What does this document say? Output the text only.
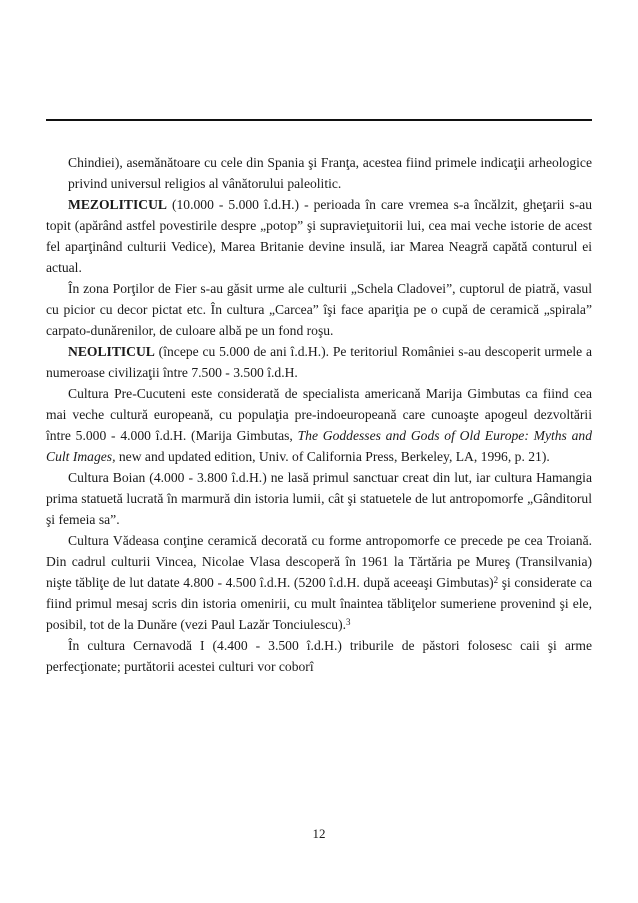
Chindiei), asemănătoare cu cele din Spania şi Franţa, acestea fiind primele indicaţii arheologice privind universul religios al vânătorului paleolitic.

MEZOLITICUL (10.000 - 5.000 î.d.H.) - perioada în care vremea s-a încălzit, gheţarii s-au topit (apărând astfel povestirile despre „potop” şi supravieţuitorii lui, cea mai veche istorie de acest fel aparţinând culturii Vedice), Marea Britanie devine insulă, iar Marea Neagră capătă conturul ei actual.

În zona Porţilor de Fier s-au găsit urme ale culturii „Schela Cladovei”, cuptorul de piatră, vasul cu picior cu decor pictat etc. În cultura „Carcea” îşi face apariţia pe o cupă de ceramică „spirala” carpato-dunărenilor, de culoare albă pe un fond roşu.

NEOLITICUL (începe cu 5.000 de ani î.d.H.). Pe teritoriul României s-au descoperit urmele a numeroase civilizaţii între 7.500 - 3.500 î.d.H.

Cultura Pre-Cucuteni este considerată de specialista americană Marija Gimbutas ca fiind cea mai veche cultură europeană, cu populaţia pre-indoeuropeană care cunoaşte apogeul dezvoltării între 5.000 - 4.000 î.d.H. (Marija Gimbutas, The Goddesses and Gods of Old Europe: Myths and Cult Images, new and updated edition, Univ. of California Press, Berkeley, LA, 1996, p. 21).

Cultura Boian (4.000 - 3.800 î.d.H.) ne lasă primul sanctuar creat din lut, iar cultura Hamangia prima statuetă lucrată în marmură din istoria lumii, cât şi statuetele de lut antropomorfe „Gânditorul şi femeia sa”.

Cultura Vădeasa conţine ceramică decorată cu forme antropomorfe ce precede pe cea Troiană. Din cadrul culturii Vincea, Nicolae Vlasa descoperă în 1961 la Tărtăria pe Mureş (Transilvania) nişte tăbliţe de lut datate 4.800 - 4.500 î.d.H. (5200 î.d.H. după aceeaşi Gimbutas)$^2$ şi considerate ca fiind primul mesaj scris din istoria omenirii, cu mult înaintea tăbliţelor sumeriene provenind şi ele, posibil, tot de la Dunăre (vezi Paul Lazăr Tonciulescu).$^3$

În cultura Cernavodă I (4.400 - 3.500 î.d.H.) triburile de păstori folosesc caii şi arme perfecţionate; purtătorii acestei culturi vor coborî

12
